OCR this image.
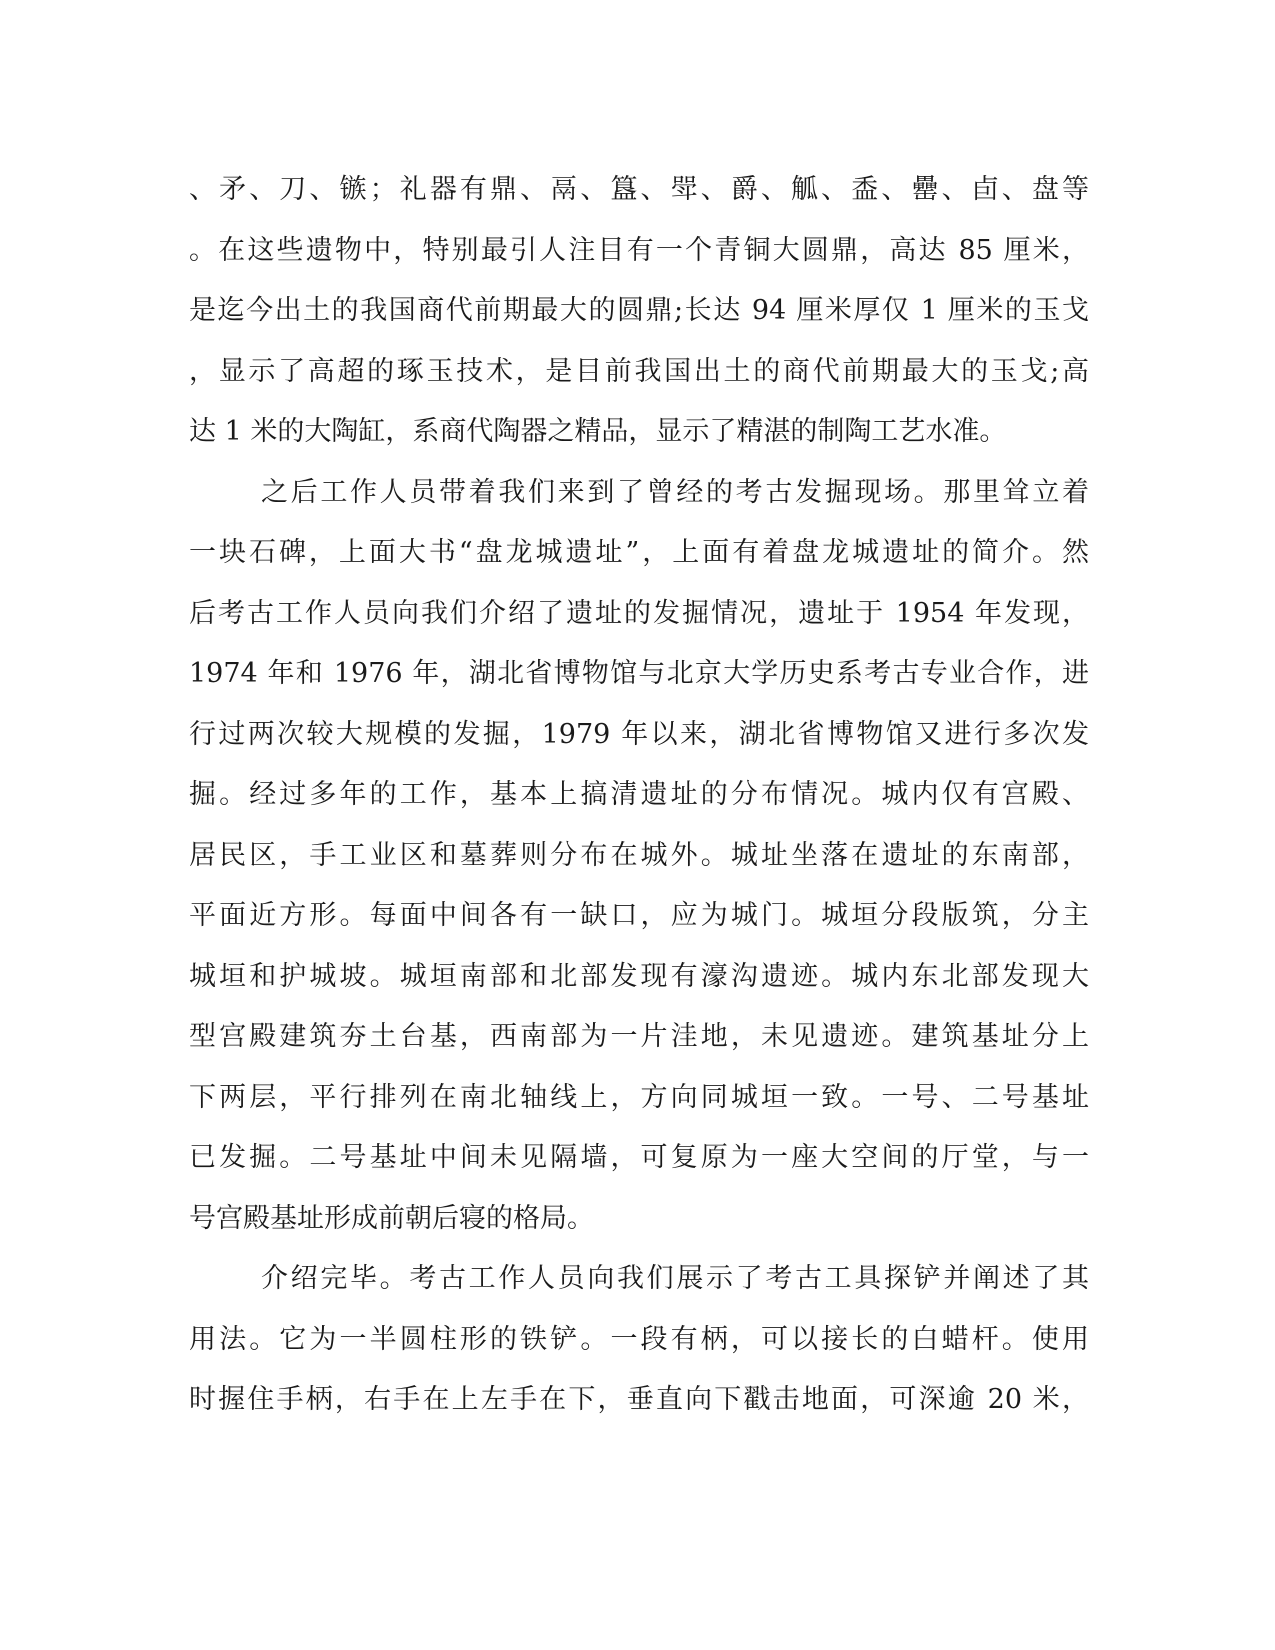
、矛、刀、镞；礼器有鼎、鬲、簋、斝、爵、觚、盉、罍、卣、盘等
。在这些遗物中，特别最引人注目有一个青铜大圆鼎，高达 85 厘米，
是迄今出土的我国商代前期最大的圆鼎;长达 94 厘米厚仅 1 厘米的玉戈
，显示了高超的琢玉技术，是目前我国出土的商代前期最大的玉戈;高
达 1 米的大陶缸，系商代陶器之精品，显示了精湛的制陶工艺水准。
之后工作人员带着我们来到了曾经的考古发掘现场。那里耸立着
一块石碑，上面大书“盘龙城遗址”，上面有着盘龙城遗址的简介。然
后考古工作人员向我们介绍了遗址的发掘情况，遗址于 1954 年发现，
1974 年和 1976 年，湖北省博物馆与北京大学历史系考古专业合作，进
行过两次较大规模的发掘，1979 年以来，湖北省博物馆又进行多次发
掘。经过多年的工作，基本上搞清遗址的分布情况。城内仅有宫殿、
居民区，手工业区和墓葬则分布在城外。城址坐落在遗址的东南部，
平面近方形。每面中间各有一缺口，应为城门。城垣分段版筑，分主
城垣和护城坡。城垣南部和北部发现有濠沟遗迹。城内东北部发现大
型宫殿建筑夯土台基，西南部为一片洼地，未见遗迹。建筑基址分上
下两层，平行排列在南北轴线上，方向同城垣一致。一号、二号基址
已发掘。二号基址中间未见隔墙，可复原为一座大空间的厅堂，与一
号宫殿基址形成前朝后寝的格局。
介绍完毕。考古工作人员向我们展示了考古工具探铲并阐述了其
用法。它为一半圆柱形的铁铲。一段有柄，可以接长的白蜡杆。使用
时握住手柄，右手在上左手在下，垂直向下戳击地面，可深逾 20 米，
